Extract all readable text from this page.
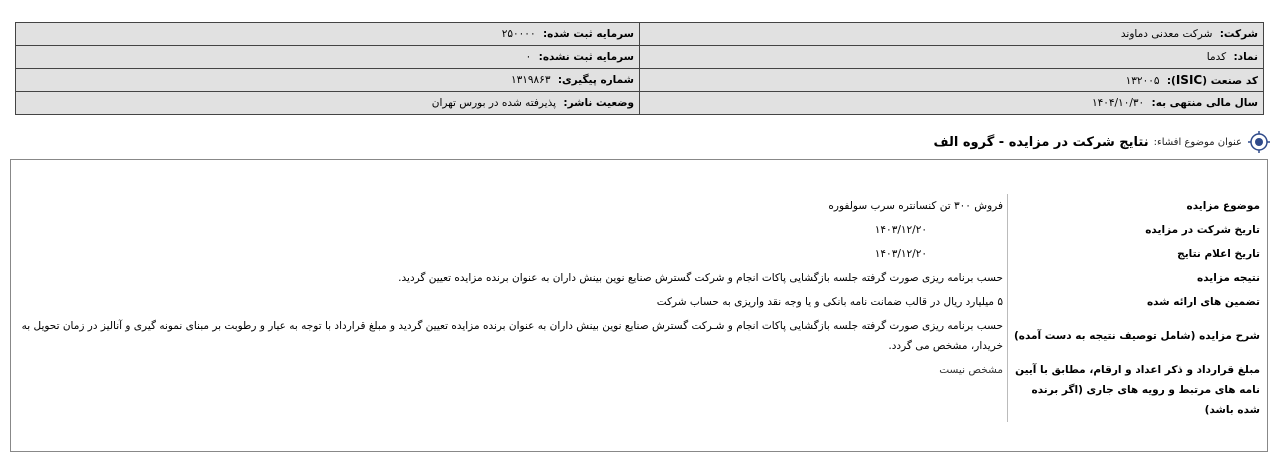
شرکت: شرکت معدنی دماوند	سرمایه ثبت شده: ۲۵۰۰۰۰
نماد: کدما	سرمایه ثبت نشده: ۰
کد صنعت (ISIC): ۱۳۲۰۰۵	شماره پیگیری: ۱۳۱۹۸۶۳
سال مالی منتهی به: ۱۴۰۴/۱۰/۳۰	وضعیت ناشر: پذیرفته شده در بورس تهران
عنوان موضوع افشاء:
نتایج شرکت در مزایده - گروه الف
موضوع مزایده	فروش ۳۰۰ تن کنسانتره سرب سولفوره
تاریخ شرکت در مزایده	۱۴۰۳/۱۲/۲۰
تاریخ اعلام نتایج	۱۴۰۳/۱۲/۲۰
نتیجه مزایده	حسب برنامه ریزی صورت گرفته جلسه بازگشایی پاکات انجام و شرکت گسترش صنایع نوین بینش داران به عنوان برنده مزایده تعیین گردید.
تضمین های ارائه شده	۵ میلیارد ریال در قالب ضمانت نامه بانکی و یا وجه نقد واریزی به حساب شرکت
شرح مزایده (شامل توصیف نتیجه به دست آمده)	حسب برنامه ریزی صورت گرفته جلسه بازگشایی پاکات انجام و شـرکت گسترش صنایع نوین بینش داران به عنوان برنده مزایده تعیین گردید و مبلغ قرارداد با توجه به عیار و رطوبت بر مبنای نمونه گیری و آنالیز در زمان تحویل به خریدار، مشخص می گردد.
مبلغ قرارداد و ذکر اعداد و ارقام، مطابق با آیین نامه های مرتبط و رویه های جاری (اگر برنده شده باشد)	مشخص نیست
